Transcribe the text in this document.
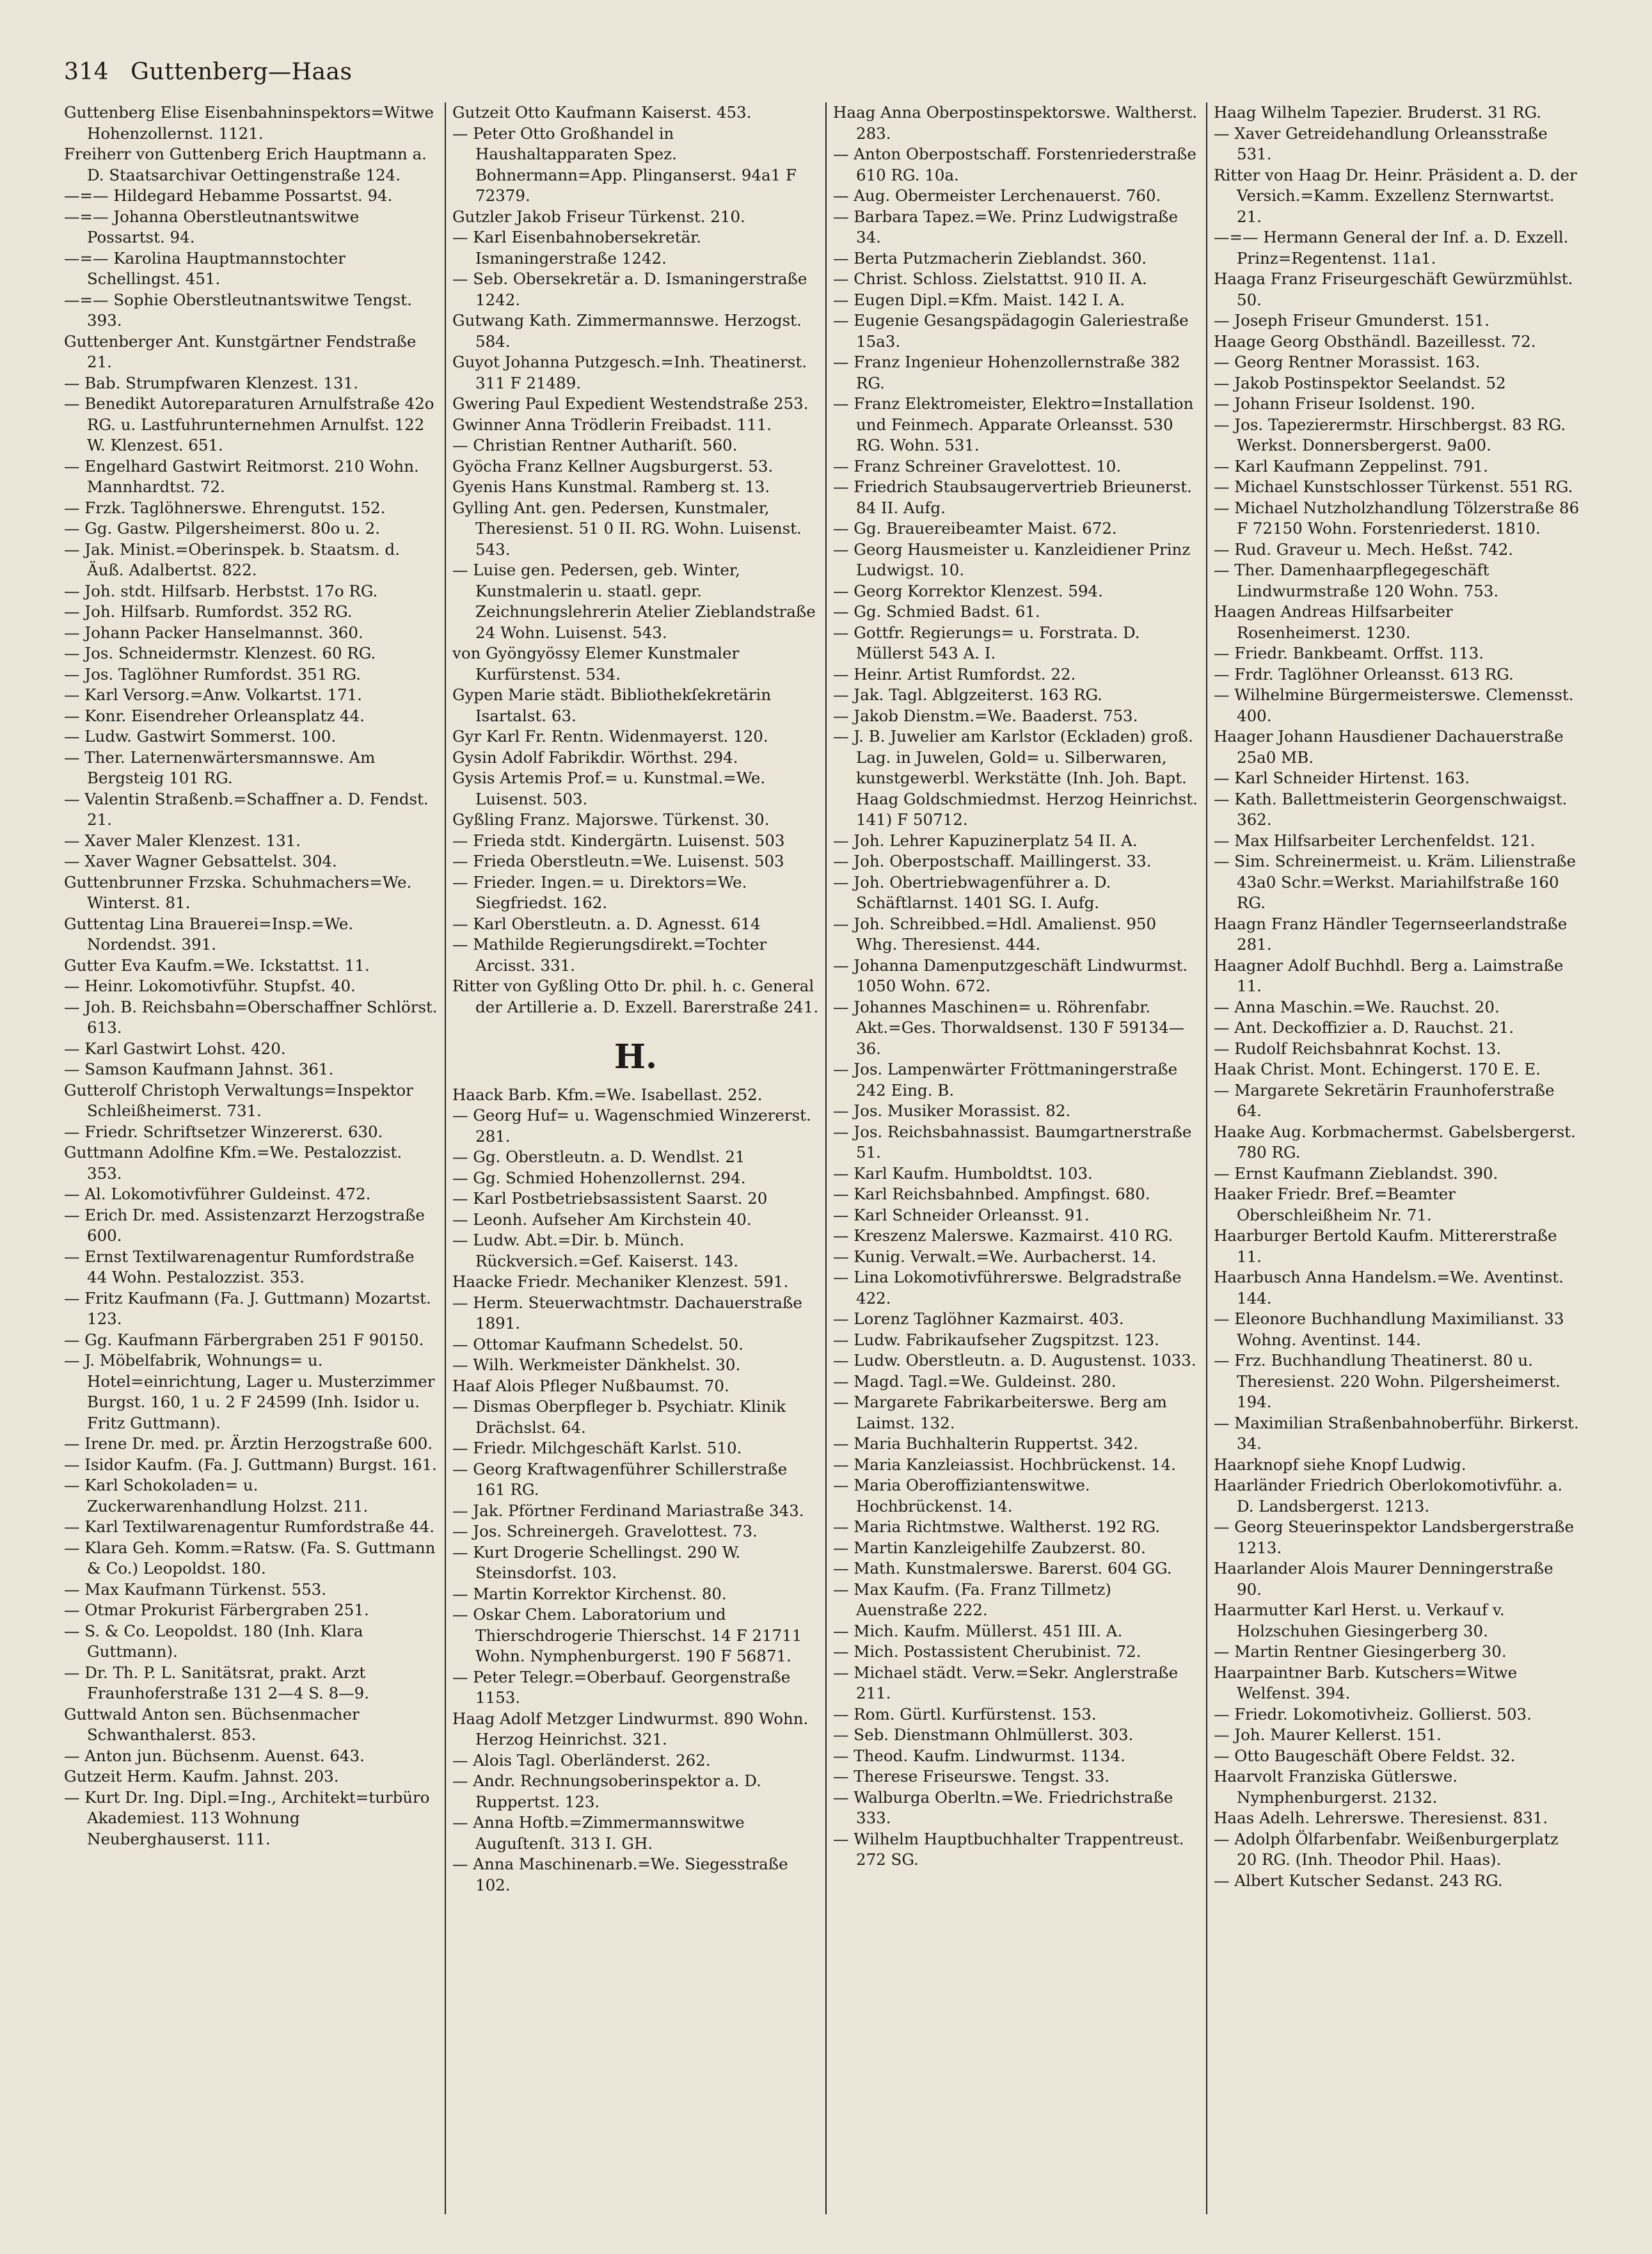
314 Guttenberg—Haas

Guttenberg Elise Eisenbahninspektors=Witwe Hohenzollernst. 1121.

Freiherr von Guttenberg Erich Hauptmann a. D. Staatsarchivar Oettingenstraße 124.

—=— Hildegard Hebamme Possartst. 94.

—=— Johanna Oberstleutnantswitwe Possartst. 94.

—=— Karolina Hauptmannstochter Schellingst. 451.

—=— Sophie Oberstleutnantswitwe Tengst. 393.

Guttenberger Ant. Kunstgärtner Fendstraße 21.

— Bab. Strumpfwaren Klenzest. 131.

— Benedikt Autoreparaturen Arnulfstraße 42o RG. u. Lastfuhrunternehmen Arnulfst. 122 W. Klenzest. 651.

— Engelhard Gastwirt Reitmorst. 210 Wohn. Mannhardtst. 72.

— Frzk. Taglöhnerswe. Ehrengutst. 152.

— Gg. Gastw. Pilgersheimerst. 80o u. 2.

— Jak. Minist.=Oberinspek. b. Staatsm. d. Äuß. Adalbertst. 822.

— Joh. stdt. Hilfsarb. Herbstst. 17o RG.

— Joh. Hilfsarb. Rumfordst. 352 RG.

— Johann Packer Hanselmannst. 360.

— Jos. Schneidermstr. Klenzest. 60 RG.

— Jos. Taglöhner Rumfordst. 351 RG.

— Karl Versorg.=Anw. Volkartst. 171.

— Konr. Eisendreher Orleansplatz 44.

— Ludw. Gastwirt Sommerst. 100.

— Ther. Laternenwärtersmannswe. Am Bergsteig 101 RG.

— Valentin Straßenb.=Schaffner a. D. Fendst. 21.

— Xaver Maler Klenzest. 131.

— Xaver Wagner Gebsattelst. 304.

Guttenbrunner Frzska. Schuhmachers=We. Winterst. 81.

Guttentag Lina Brauerei=Insp.=We. Nordendst. 391.

Gutter Eva Kaufm.=We. Ickstattst. 11.

— Heinr. Lokomotivführ. Stupfst. 40.

— Joh. B. Reichsbahn=Oberschaffner Schlörst. 613.

— Karl Gastwirt Lohst. 420.

— Samson Kaufmann Jahnst. 361.

Gutterolf Christoph Verwaltungs=Inspektor Schleißheimerst. 731.

— Friedr. Schriftsetzer Winzererst. 630.

Guttmann Adolfine Kfm.=We. Pestalozzist. 353.

— Al. Lokomotivführer Guldeinst. 472.

— Erich Dr. med. Assistenzarzt Herzogstraße 600.

— Ernst Textilwarenagentur Rumfordstraße 44 Wohn. Pestalozzist. 353.

— Fritz Kaufmann (Fa. J. Guttmann) Mozartst. 123.

— Gg. Kaufmann Färbergraben 251 F 90150.

— J. Möbelfabrik, Wohnungs= u. Hotel=einrichtung, Lager u. Musterzimmer Burgst. 160, 1 u. 2 F 24599 (Inh. Isidor u. Fritz Guttmann).

— Irene Dr. med. pr. Ärztin Herzogstraße 600.

— Isidor Kaufm. (Fa. J. Guttmann) Burgst. 161.

— Karl Schokoladen= u. Zuckerwarenhandlung Holzst. 211.

— Karl Textilwarenagentur Rumfordstraße 44.

— Klara Geh. Komm.=Ratsw. (Fa. S. Guttmann & Co.) Leopoldst. 180.

— Max Kaufmann Türkenst. 553.

— Otmar Prokurist Färbergraben 251.

— S. & Co. Leopoldst. 180 (Inh. Klara Guttmann).

— Dr. Th. P. L. Sanitätsrat, prakt. Arzt Fraunhoferstraße 131 2—4 S. 8—9.

Guttwald Anton sen. Büchsenmacher Schwanthalerst. 853.

— Anton jun. Büchsenm. Auenst. 643.

Gutzeit Herm. Kaufm. Jahnst. 203.

— Kurt Dr. Ing. Dipl.=Ing., Architekt=turbüro Akademiest. 113 Wohnung Neuberghauserst. 111.

Gutzeit Otto Kaufmann Kaiserst. 453.

— Peter Otto Großhandel in Haushaltapparaten Spez. Bohnermann=App. Plinganserst. 94a1 F 72379.

Gutzler Jakob Friseur Türkenst. 210.

— Karl Eisenbahnobersekretär. Ismaningerstraße 1242.

— Seb. Obersekretär a. D. Ismaningerstraße 1242.

Gutwang Kath. Zimmermannswe. Herzogst. 584.

Guyot Johanna Putzgesch.=Inh. Theatinerst. 311 F 21489.

Gwering Paul Expedient Westendstraße 253.

Gwinner Anna Trödlerin Freibadst. 111.

— Christian Rentner Authariſt. 560.

Gyöcha Franz Kellner Augsburgerst. 53.

Gyenis Hans Kunstmal. Ramberg st. 13.

Gylling Ant. gen. Pedersen, Kunstmaler, Theresienst. 51 0 II. RG. Wohn. Luisenst. 543.

— Luise gen. Pedersen, geb. Winter, Kunstmalerin u. staatl. gepr. Zeichnungslehrerin Atelier Zieblandstraße 24 Wohn. Luisenst. 543.

von Gyöngyössy Elemer Kunstmaler Kurfürstenst. 534.

Gypen Marie städt. Bibliothekſekretärin Isartalst. 63.

Gyr Karl Fr. Rentn. Widenmayerst. 120.

Gysin Adolf Fabrikdir. Wörthst. 294.

Gysis Artemis Prof.= u. Kunstmal.=We. Luisenst. 503.

Gyßling Franz. Majorswe. Türkenst. 30.

— Frieda stdt. Kindergärtn. Luisenst. 503

— Frieda Oberstleutn.=We. Luisenst. 503

— Frieder. Ingen.= u. Direktors=We. Siegfriedst. 162.

— Karl Oberstleutn. a. D. Agnesst. 614

— Mathilde Regierungsdirekt.=Tochter Arcisst. 331.

Ritter von Gyßling Otto Dr. phil. h. c. General der Artillerie a. D. Exzell. Barerstraße 241.

H.

Haack Barb. Kfm.=We. Isabellast. 252.

— Georg Huf= u. Wagenschmied Winzererst. 281.

— Gg. Oberstleutn. a. D. Wendlst. 21

— Gg. Schmied Hohenzollernst. 294.

— Karl Postbetriebsassistent Saarst. 20

— Leonh. Aufseher Am Kirchstein 40.

— Ludw. Abt.=Dir. b. Münch. Rückversich.=Gef. Kaiserst. 143.

Haacke Friedr. Mechaniker Klenzest. 591.

— Herm. Steuerwachtmstr. Dachauerstraße 1891.

— Ottomar Kaufmann Schedelst. 50.

— Wilh. Werkmeister Dänkhelst. 30.

Haaf Alois Pfleger Nußbaumst. 70.

— Dismas Oberpfleger b. Psychiatr. Klinik Drächslst. 64.

— Friedr. Milchgeschäft Karlst. 510.

— Georg Kraftwagenführer Schillerstraße 161 RG.

— Jak. Pförtner Ferdinand Mariastraße 343.

— Jos. Schreinergeh. Gravelottest. 73.

— Kurt Drogerie Schellingst. 290 W. Steinsdorfst. 103.

— Martin Korrektor Kirchenst. 80.

— Oskar Chem. Laboratorium und Thierschdrogerie Thierschst. 14 F 21711 Wohn. Nymphenburgerst. 190 F 56871.

— Peter Telegr.=Oberbauf. Georgenstraße 1153.

Haag Adolf Metzger Lindwurmst. 890 Wohn. Herzog Heinrichst. 321.

— Alois Tagl. Oberländerst. 262.

— Andr. Rechnungsoberinspektor a. D. Ruppertst. 123.

— Anna Hoftb.=Zimmermannswitwe Auguſtenſt. 313 I. GH.

— Anna Maschinenarb.=We. Siegesstraße 102.

Haag Anna Oberpostinspektorswe. Waltherst. 283.

— Anton Oberpostschaff. Forstenriederstraße 610 RG. 10a.

— Aug. Obermeister Lerchenauerst. 760.

— Barbara Tapez.=We. Prinz Ludwigstraße 34.

— Berta Putzmacherin Zieblandst. 360.

— Christ. Schloss. Zielstattst. 910 II. A.

— Eugen Dipl.=Kfm. Maist. 142 I. A.

— Eugenie Gesangspädagogin Galeriestraße 15a3.

— Franz Ingenieur Hohenzollernstraße 382 RG.

— Franz Elektromeister, Elektro=Installation und Feinmech. Apparate Orleansst. 530 RG. Wohn. 531.

— Franz Schreiner Gravelottest. 10.

— Friedrich Staubsaugervertrieb Brieunerst. 84 II. Aufg.

— Gg. Brauereibeamter Maist. 672.

— Georg Hausmeister u. Kanzleidiener Prinz Ludwigst. 10.

— Georg Korrektor Klenzest. 594.

— Gg. Schmied Badst. 61.

— Gottfr. Regierungs= u. Forstrata. D. Müllerst 543 A. I.

— Heinr. Artist Rumfordst. 22.

— Jak. Tagl. Ablgzeiterst. 163 RG.

— Jakob Dienstm.=We. Baaderst. 753.

— J. B. Juwelier am Karlstor (Eckladen) groß. Lag. in Juwelen, Gold= u. Silberwaren, kunstgewerbl. Werkstätte (Inh. Joh. Bapt. Haag Goldschmiedmst. Herzog Heinrichst. 141) F 50712.

— Joh. Lehrer Kapuzinerplatz 54 II. A.

— Joh. Oberpostschaff. Maillingerst. 33.

— Joh. Obertriebwagenführer a. D. Schäftlarnst. 1401 SG. I. Aufg.

— Joh. Schreibbed.=Hdl. Amalienst. 950 Whg. Theresienst. 444.

— Johanna Damenputzgeschäft Lindwurmst. 1050 Wohn. 672.

— Johannes Maschinen= u. Röhrenfabr. Akt.=Ges. Thorwaldsenst. 130 F 59134—36.

— Jos. Lampenwärter Fröttmaningerstraße 242 Eing. B.

— Jos. Musiker Morassist. 82.

— Jos. Reichsbahnassist. Baumgartnerstraße 51.

— Karl Kaufm. Humboldtst. 103.

— Karl Reichsbahnbed. Ampfingst. 680.

— Karl Schneider Orleansst. 91.

— Kreszenz Malerswe. Kazmairst. 410 RG.

— Kunig. Verwalt.=We. Aurbacherst. 14.

— Lina Lokomotivführerswe. Belgradstraße 422.

— Lorenz Taglöhner Kazmairst. 403.

— Ludw. Fabrikaufseher Zugspitzst. 123.

— Ludw. Oberstleutn. a. D. Augustenst. 1033.

— Magd. Tagl.=We. Guldeinst. 280.

— Margarete Fabrikarbeiterswe. Berg am Laimst. 132.

— Maria Buchhalterin Ruppertst. 342.

— Maria Kanzleiassist. Hochbrückenst. 14.

— Maria Oberoffiziantenswitwe. Hochbrückenst. 14.

— Maria Richtmstwe. Waltherst. 192 RG.

— Martin Kanzleigehilfe Zaubzerst. 80.

— Math. Kunstmalerswe. Barerst. 604 GG.

— Max Kaufm. (Fa. Franz Tillmetz) Auenstraße 222.

— Mich. Kaufm. Müllerst. 451 III. A.

— Mich. Postassistent Cherubinist. 72.

— Michael städt. Verw.=Sekr. Anglerstraße 211.

— Rom. Gürtl. Kurfürstenst. 153.

— Seb. Dienstmann Ohlmüllerst. 303.

— Theod. Kaufm. Lindwurmst. 1134.

— Therese Friseurswe. Tengst. 33.

— Walburga Oberltn.=We. Friedrichstraße 333.

— Wilhelm Hauptbuchhalter Trappentreust. 272 SG.

Haag Wilhelm Tapezier. Bruderst. 31 RG.

— Xaver Getreidehandlung Orleansstraße 531.

Ritter von Haag Dr. Heinr. Präsident a. D. der Versich.=Kamm. Exzellenz Sternwartst. 21.

—=— Hermann General der Inf. a. D. Exzell. Prinz=Regentenst. 11a1.

Haaga Franz Friseurgeschäft Gewürzmühlst. 50.

— Joseph Friseur Gmunderst. 151.

Haage Georg Obsthändl. Bazeillesst. 72.

— Georg Rentner Morassist. 163.

— Jakob Postinspektor Seelandst. 52

— Johann Friseur Isoldenst. 190.

— Jos. Tapezierermstr. Hirschbergst. 83 RG. Werkst. Donnersbergerst. 9a00.

— Karl Kaufmann Zeppelinst. 791.

— Michael Kunstschlosser Türkenst. 551 RG.

— Michael Nutzholzhandlung Tölzerstraße 86 F 72150 Wohn. Forstenriederst. 1810.

— Rud. Graveur u. Mech. Heßst. 742.

— Ther. Damenhaarpflegegeschäft Lindwurmstraße 120 Wohn. 753.

Haagen Andreas Hilfsarbeiter Rosenheimerst. 1230.

— Friedr. Bankbeamt. Orffst. 113.

— Frdr. Taglöhner Orleansst. 613 RG.

— Wilhelmine Bürgermeisterswe. Clemensst. 400.

Haager Johann Hausdiener Dachauerstraße 25a0 MB.

— Karl Schneider Hirtenst. 163.

— Kath. Ballettmeisterin Georgenschwaigst. 362.

— Max Hilfsarbeiter Lerchenfeldst. 121.

— Sim. Schreinermeist. u. Kräm. Lilienstraße 43a0 Schr.=Werkst. Mariahilfstraße 160 RG.

Haagn Franz Händler Tegernseerlandstraße 281.

Haagner Adolf Buchhdl. Berg a. Laimstraße 11.

— Anna Maschin.=We. Rauchst. 20.

— Ant. Deckoffizier a. D. Rauchst. 21.

— Rudolf Reichsbahnrat Kochst. 13.

Haak Christ. Mont. Echingerst. 170 E. E.

— Margarete Sekretärin Fraunhoferstraße 64.

Haake Aug. Korbmachermst. Gabelsbergerst. 780 RG.

— Ernst Kaufmann Zieblandst. 390.

Haaker Friedr. Bref.=Beamter Oberschleißheim Nr. 71.

Haarburger Bertold Kaufm. Mittererstraße 11.

Haarbusch Anna Handelsm.=We. Aventinst. 144.

— Eleonore Buchhandlung Maximilianst. 33 Wohng. Aventinst. 144.

— Frz. Buchhandlung Theatinerst. 80 u. Theresienst. 220 Wohn. Pilgersheimerst. 194.

— Maximilian Straßenbahnoberführ. Birkerst. 34.

Haarknopf siehe Knopf Ludwig.

Haarländer Friedrich Oberlokomotivführ. a. D. Landsbergerst. 1213.

— Georg Steuerinspektor Landsbergerstraße 1213.

Haarlander Alois Maurer Denningerstraße 90.

Haarmutter Karl Herst. u. Verkauf v. Holzschuhen Giesingerberg 30.

— Martin Rentner Giesingerberg 30.

Haarpaintner Barb. Kutschers=Witwe Welfenst. 394.

— Friedr. Lokomotivheiz. Gollierst. 503.

— Joh. Maurer Kellerst. 151.

— Otto Baugeschäft Obere Feldst. 32.

Haarvolt Franziska Gütlerswe. Nymphenburgerst. 2132.

Haas Adelh. Lehrerswe. Theresienst. 831.

— Adolph Ölfarbenfabr. Weißenburgerplatz 20 RG. (Inh. Theodor Phil. Haas).

— Albert Kutscher Sedanst. 243 RG.
